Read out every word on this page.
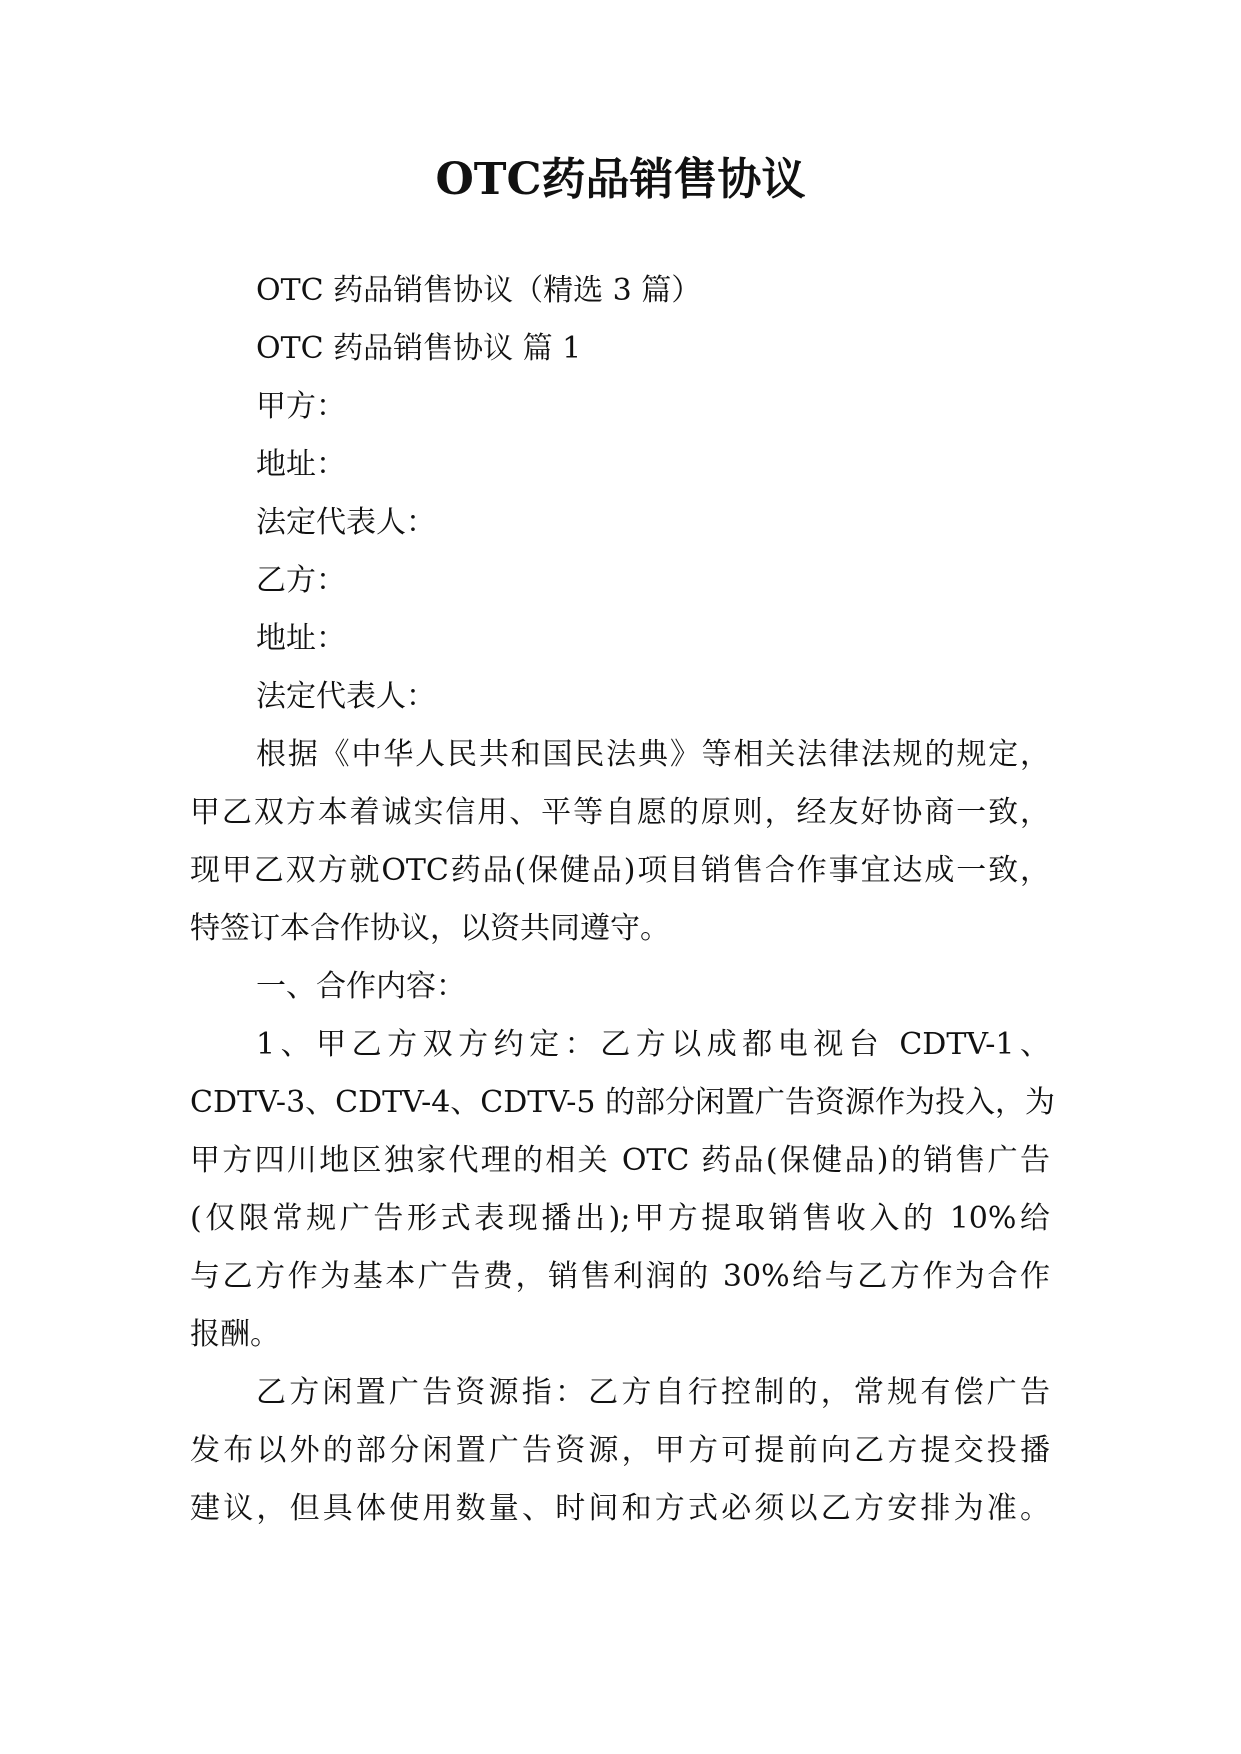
OTC药品销售协议
OTC 药品销售协议（精选 3 篇）
OTC 药品销售协议 篇 1
甲方：
地址：
法定代表人：
乙方：
地址：
法定代表人：
根据《中华人民共和国民法典》等相关法律法规的规定，
甲乙双方本着诚实信用、平等自愿的原则，经友好协商一致，
现甲乙双方就OTC药品(保健品)项目销售合作事宜达成一致，
特签订本合作协议，以资共同遵守。
一、合作内容：
1、甲乙方双方约定：乙方以成都电视台 CDTV-1、
CDTV-3、CDTV-4、CDTV-5 的部分闲置广告资源作为投入，为
甲方四川地区独家代理的相关 OTC 药品(保健品)的销售广告
(仅限常规广告形式表现播出);甲方提取销售收入的 10%给
与乙方作为基本广告费，销售利润的 30%给与乙方作为合作
报酬。
乙方闲置广告资源指：乙方自行控制的，常规有偿广告
发布以外的部分闲置广告资源，甲方可提前向乙方提交投播
建议，但具体使用数量、时间和方式必须以乙方安排为准。
